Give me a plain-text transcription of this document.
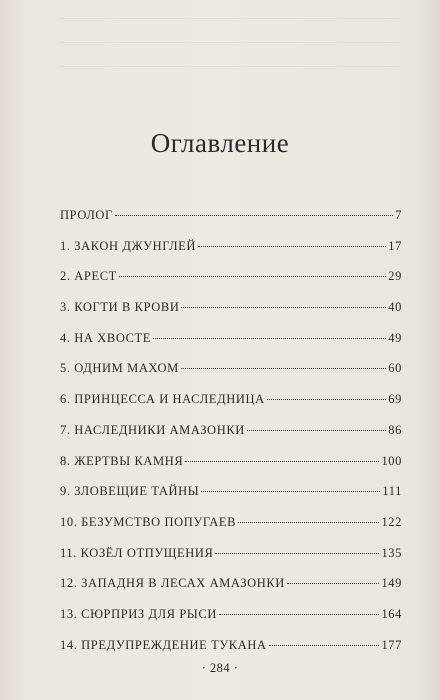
Оглавление
ПРОЛОГ	7
1. ЗАКОН ДЖУНГЛЕЙ	17
2. АРЕСТ	29
3. КОГТИ В КРОВИ	40
4. НА ХВОСТЕ	49
5. ОДНИМ МАХОМ	60
6. ПРИНЦЕССА И НАСЛЕДНИЦА	69
7. НАСЛЕДНИКИ АМАЗОНКИ	86
8. ЖЕРТВЫ КАМНЯ	100
9. ЗЛОВЕЩИЕ ТАЙНЫ	111
10. БЕЗУМСТВО ПОПУГАЕВ	122
11. КОЗЁЛ ОТПУЩЕНИЯ	135
12. ЗАПАДНЯ В ЛЕСАХ АМАЗОНКИ	149
13. СЮРПРИЗ ДЛЯ РЫСИ	164
14. ПРЕДУПРЕЖДЕНИЕ ТУКАНА	177
· 284 ·
